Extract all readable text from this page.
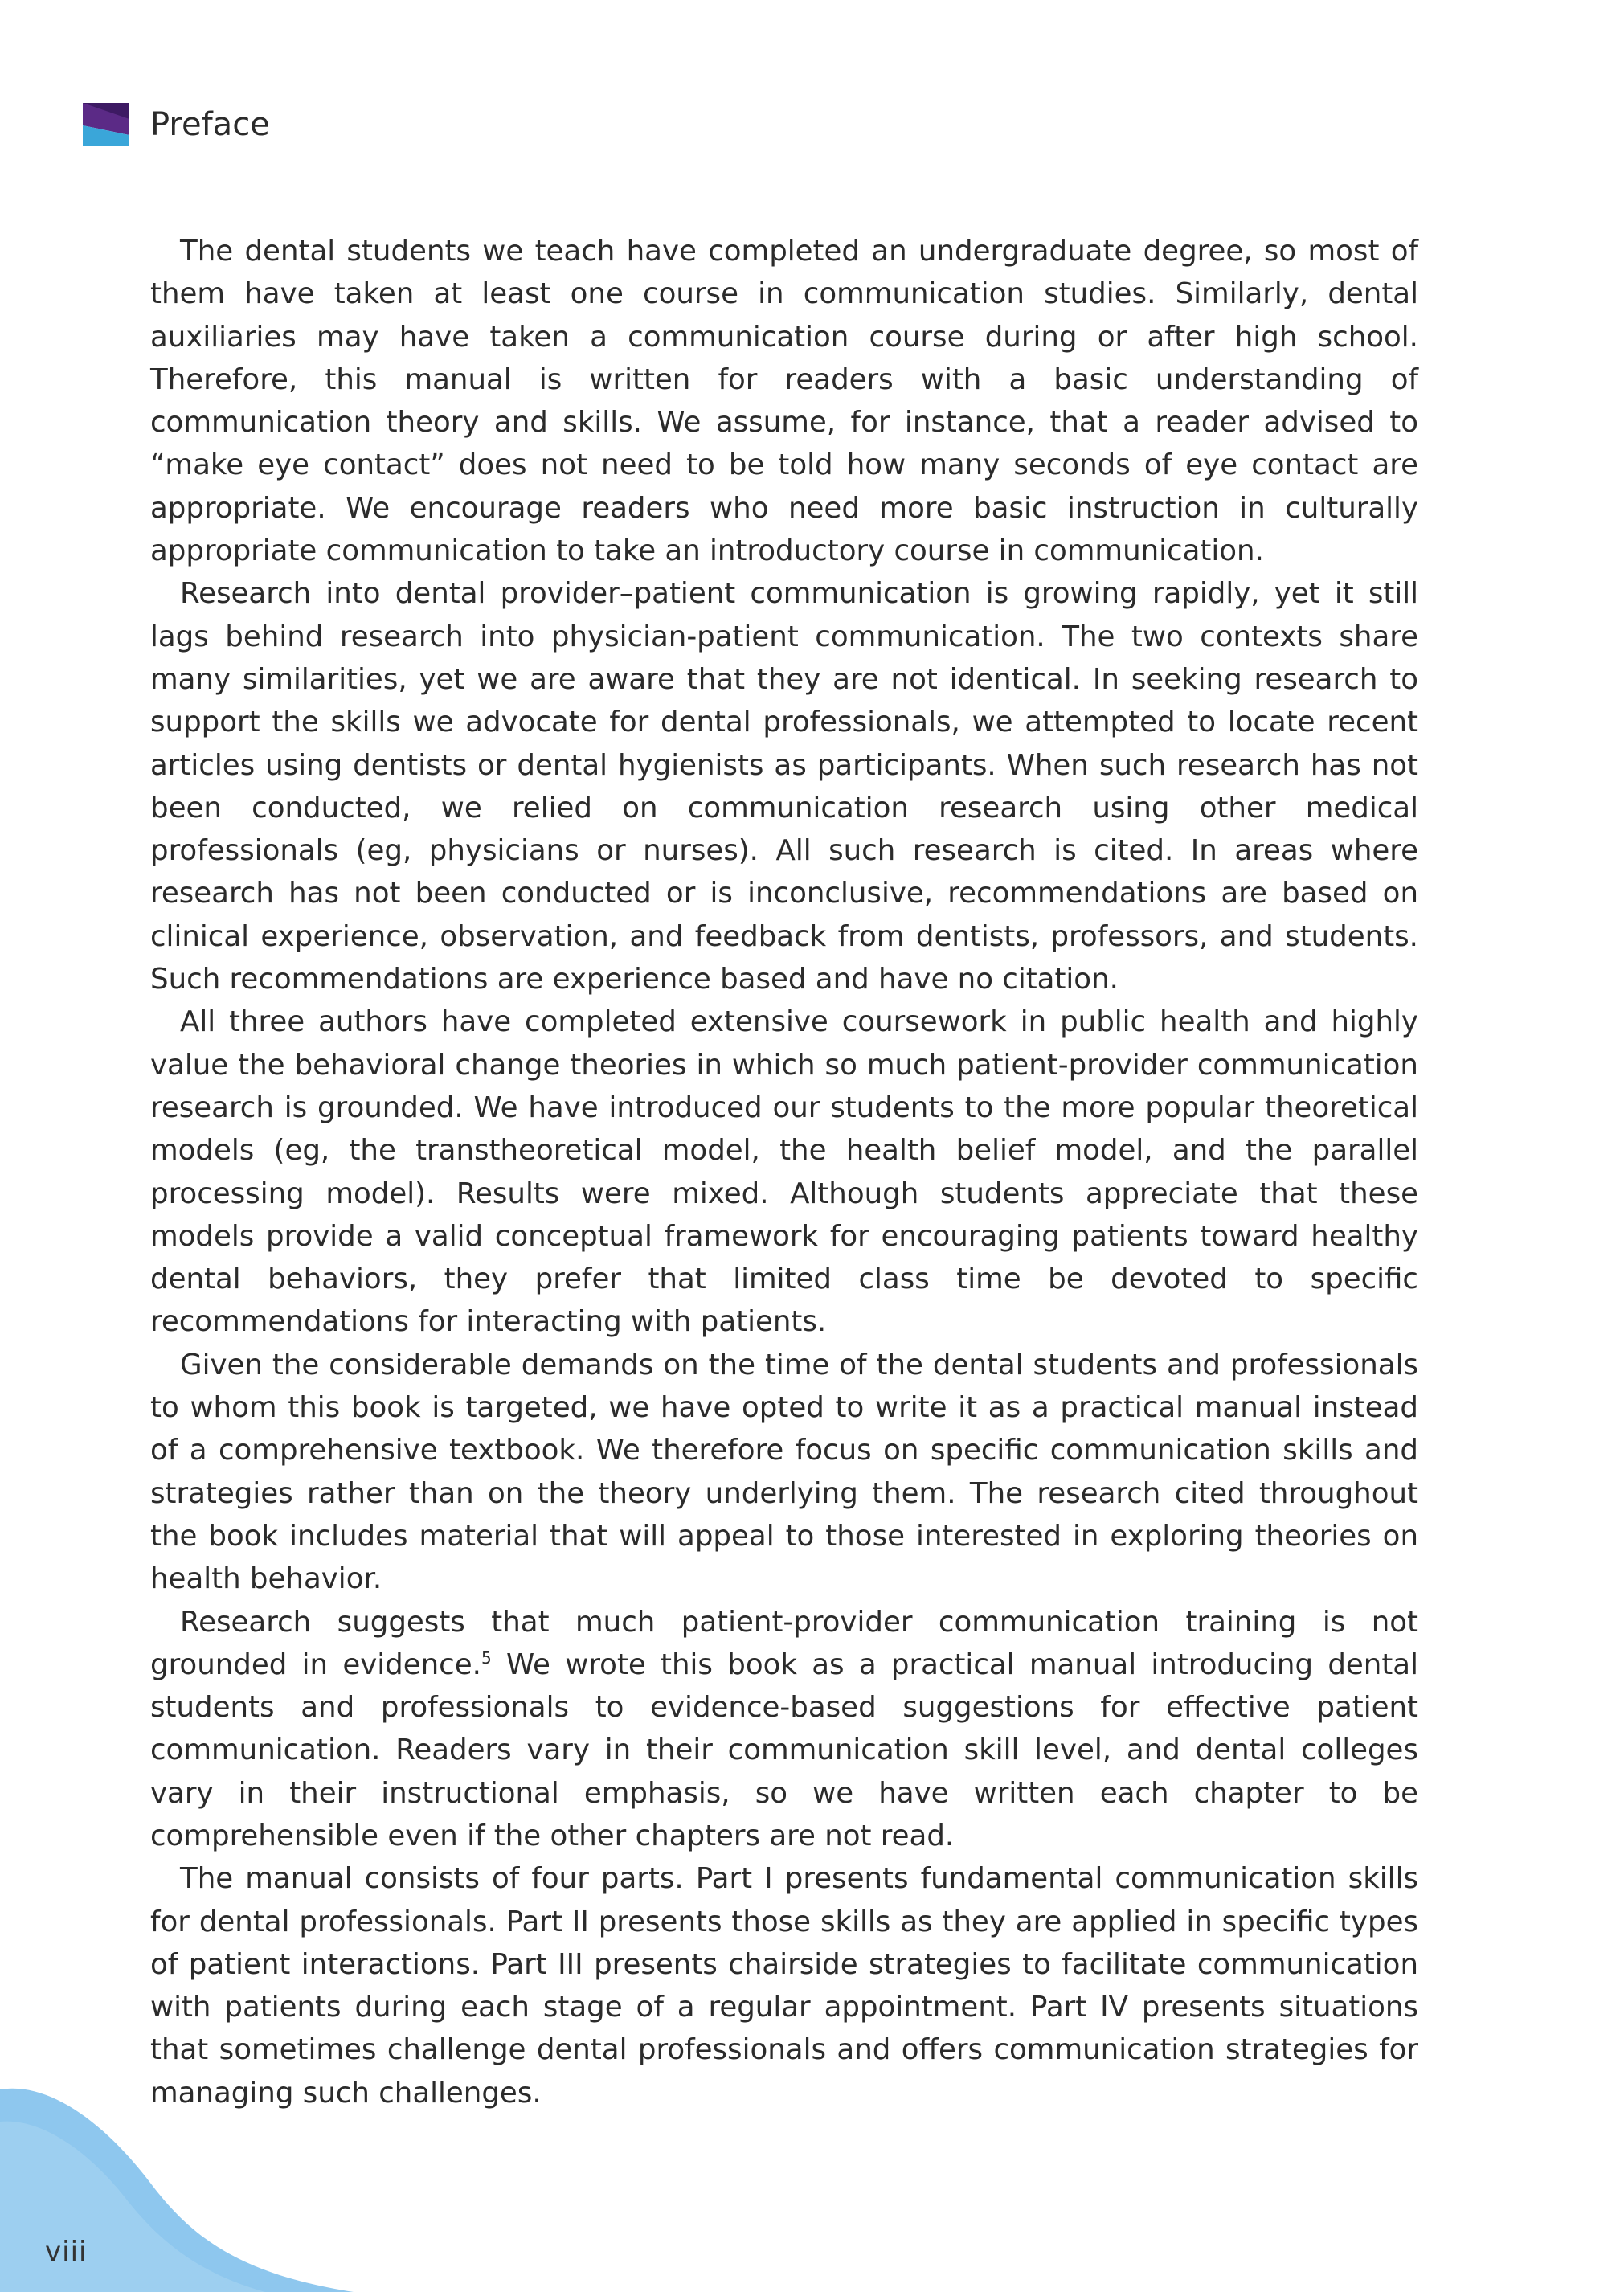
Preface

The dental students we teach have completed an undergraduate degree, so most of them have taken at least one course in communication studies. Similarly, dental auxiliaries may have taken a communication course during or after high school. Therefore, this manual is written for readers with a basic understanding of communication theory and skills. We assume, for instance, that a reader advised to “make eye contact” does not need to be told how many seconds of eye contact are appropriate. We encourage readers who need more basic instruction in culturally appropriate communication to take an introductory course in communication.

Research into dental provider–patient communication is growing rapidly, yet it still lags behind research into physician-patient communication. The two contexts share many similarities, yet we are aware that they are not identical. In seeking research to support the skills we advocate for dental professionals, we attempted to locate recent articles using dentists or dental hygienists as participants. When such research has not been conducted, we relied on communication research using other medical professionals (eg, physicians or nurses). All such research is cited. In areas where research has not been conducted or is inconclusive, recommendations are based on clinical experience, observation, and feedback from dentists, professors, and students. Such recommendations are experience based and have no citation.

All three authors have completed extensive coursework in public health and highly value the behavioral change theories in which so much patient-provider communication research is grounded. We have introduced our students to the more popular theoretical models (eg, the transtheoretical model, the health belief model, and the parallel processing model). Results were mixed. Although students appreciate that these models provide a valid conceptual framework for encouraging patients toward healthy dental behaviors, they prefer that limited class time be devoted to specific recommendations for interacting with patients.

Given the considerable demands on the time of the dental students and professionals to whom this book is targeted, we have opted to write it as a practical manual instead of a comprehensive textbook. We therefore focus on specific communication skills and strategies rather than on the theory underlying them. The research cited throughout the book includes material that will appeal to those interested in exploring theories on health behavior.

Research suggests that much patient-provider communication training is not grounded in evidence.$^5$ We wrote this book as a practical manual introducing dental students and professionals to evidence-based suggestions for effective patient communication. Readers vary in their communication skill level, and dental colleges vary in their instructional emphasis, so we have written each chapter to be comprehensible even if the other chapters are not read.

The manual consists of four parts. Part I presents fundamental communication skills for dental professionals. Part II presents those skills as they are applied in specific types of patient interactions. Part III presents chairside strategies to facilitate communication with patients during each stage of a regular appointment. Part IV presents situations that sometimes challenge dental professionals and offers communication strategies for managing such challenges.

viii
